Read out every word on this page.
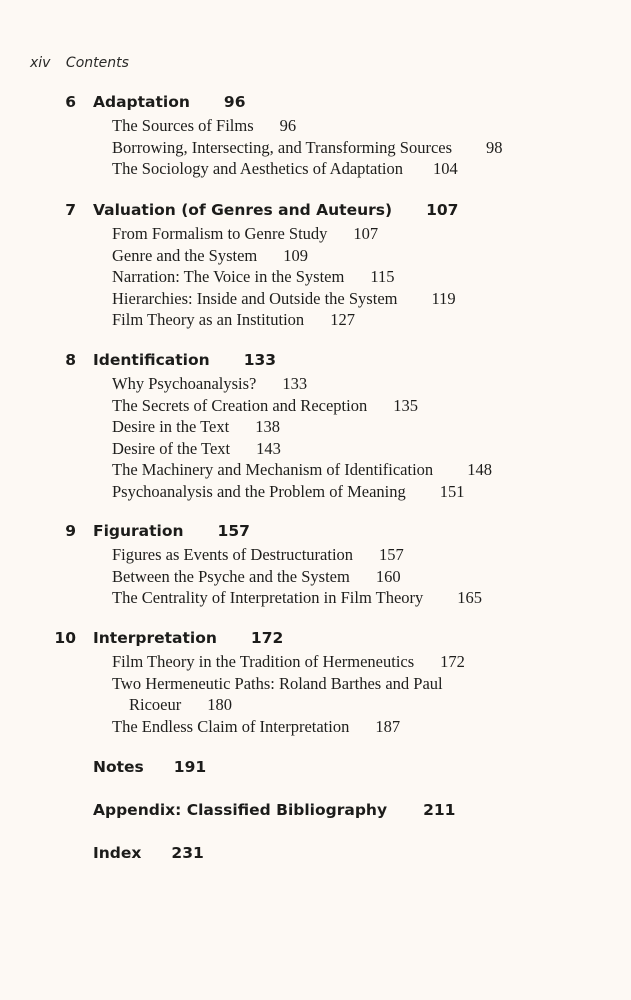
xiv Contents
6 Adaptation 96
The Sources of Films 96
Borrowing, Intersecting, and Transforming Sources 98
The Sociology and Aesthetics of Adaptation 104
7 Valuation (of Genres and Auteurs) 107
From Formalism to Genre Study 107
Genre and the System 109
Narration: The Voice in the System 115
Hierarchies: Inside and Outside the System 119
Film Theory as an Institution 127
8 Identification 133
Why Psychoanalysis? 133
The Secrets of Creation and Reception 135
Desire in the Text 138
Desire of the Text 143
The Machinery and Mechanism of Identification 148
Psychoanalysis and the Problem of Meaning 151
9 Figuration 157
Figures as Events of Destructuration 157
Between the Psyche and the System 160
The Centrality of Interpretation in Film Theory 165
10 Interpretation 172
Film Theory in the Tradition of Hermeneutics 172
Two Hermeneutic Paths: Roland Barthes and Paul
Ricoeur 180
The Endless Claim of Interpretation 187
Notes 191
Appendix: Classified Bibliography 211
Index 231
